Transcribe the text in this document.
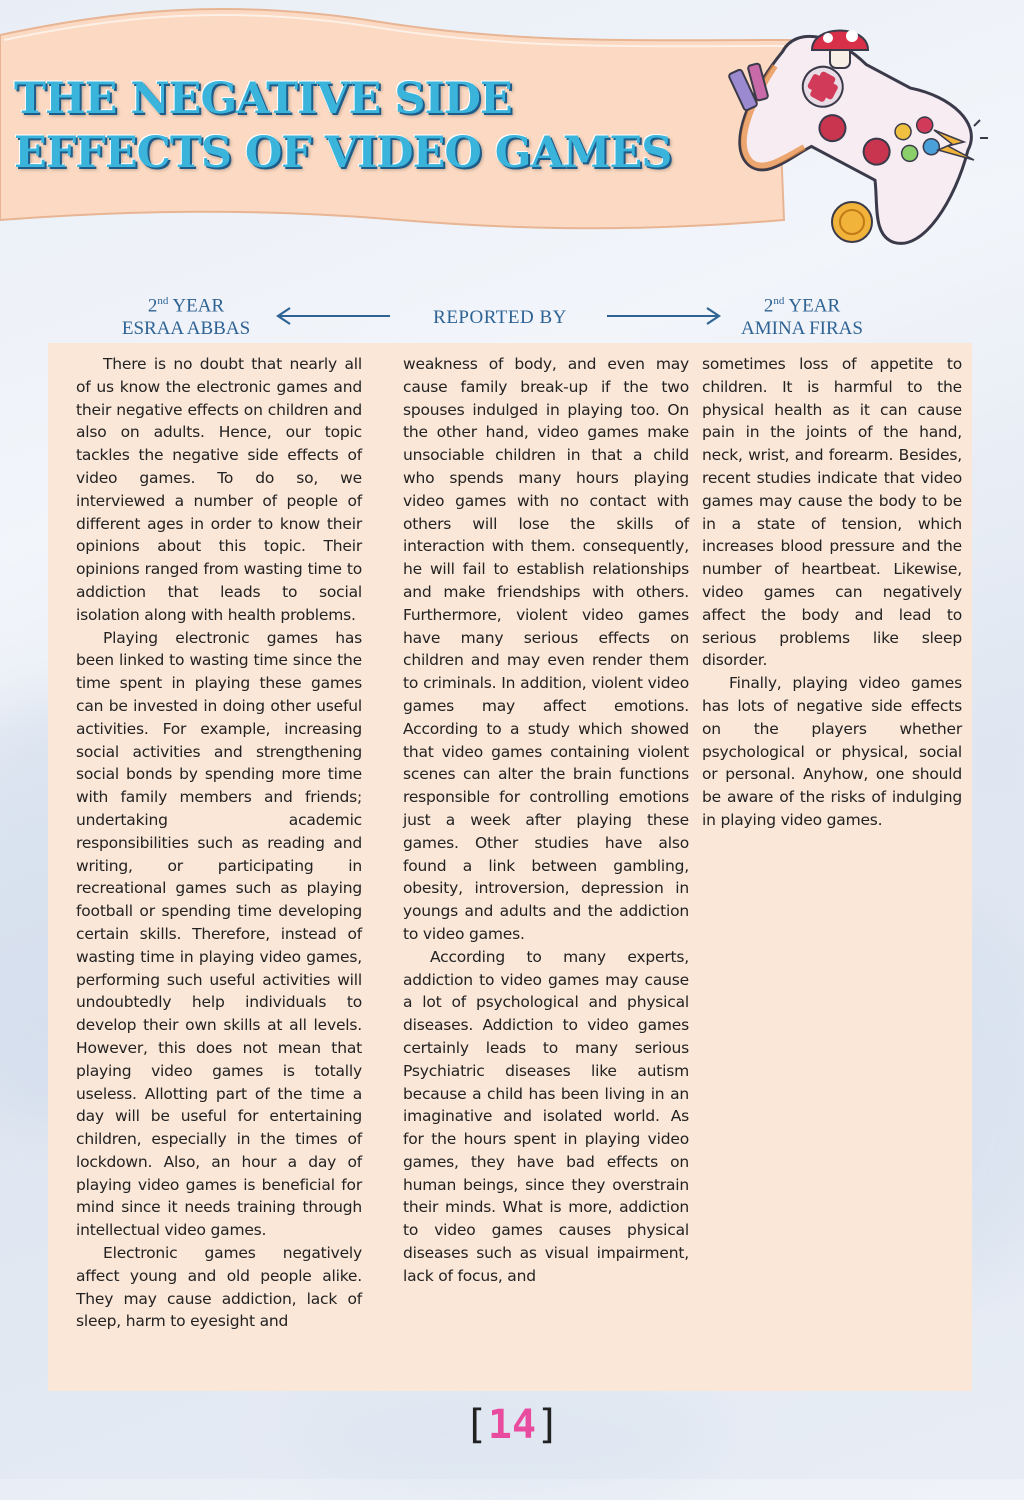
THE NEGATIVE SIDE EFFECTS OF VIDEO GAMES
2nd YEAR
ESRAA ABBAS
REPORTED BY
2nd YEAR
AMINA FIRAS

There is no doubt that nearly all of us know the electronic games and their negative effects on children and also on adults. Hence, our topic tackles the negative side effects of video games. To do so, we interviewed a number of people of different ages in order to know their opinions about this topic. Their opinions ranged from wasting time to addiction that leads to social isolation along with health problems.

Playing electronic games has been linked to wasting time since the time spent in playing these games can be invested in doing other useful activities. For example, increasing social activities and strengthening social bonds by spending more time with family members and friends; undertaking academic responsibilities such as reading and writing, or participating in recreational games such as playing football or spending time developing certain skills. Therefore, instead of wasting time in playing video games, performing such useful activities will undoubtedly help individuals to develop their own skills at all levels. However, this does not mean that playing video games is totally useless. Allotting part of the time a day will be useful for entertaining children, especially in the times of lockdown. Also, an hour a day of playing video games is beneficial for mind since it needs training through intellectual video games.

Electronic games negatively affect young and old people alike. They may cause addiction, lack of sleep, harm to eyesight and

weakness of body, and even may cause family break-up if the two spouses indulged in playing too. On the other hand, video games make unsociable children in that a child who spends many hours playing video games with no contact with others will lose the skills of interaction with them. consequently, he will fail to establish relationships and make friendships with others. Furthermore, violent video games have many serious effects on children and may even render them to criminals. In addition, violent video games may affect emotions. According to a study which showed that video games containing violent scenes can alter the brain functions responsible for controlling emotions just a week after playing these games. Other studies have also found a link between gambling, obesity, introversion, depression in youngs and adults and the addiction to video games.

According to many experts, addiction to video games may cause a lot of psychological and physical diseases. Addiction to video games certainly leads to many serious Psychiatric diseases like autism because a child has been living in an imaginative and isolated world. As for the hours spent in playing video games, they have bad effects on human beings, since they overstrain their minds. What is more, addiction to video games causes physical diseases such as visual impairment, lack of focus, and

sometimes loss of appetite to children. It is harmful to the physical health as it can cause pain in the joints of the hand, neck, wrist, and forearm. Besides, recent studies indicate that video games may cause the body to be in a state of tension, which increases blood pressure and the number of heartbeat. Likewise, video games can negatively affect the body and lead to serious problems like sleep disorder.

Finally, playing video games has lots of negative side effects on the players whether psychological or physical, social or personal. Anyhow, one should be aware of the risks of indulging in playing video games.

[14]
